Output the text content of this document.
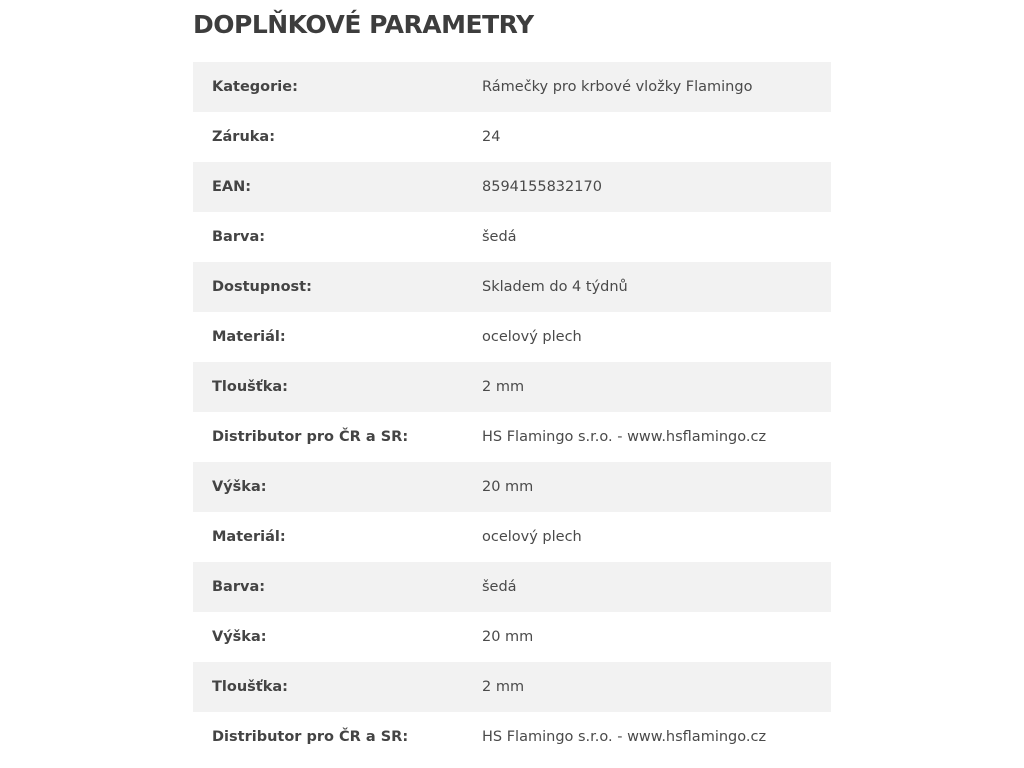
DOPLŇKOVÉ PARAMETRY
Kategorie:	Rámečky pro krbové vložky Flamingo
Záruka:	24
EAN:	8594155832170
Barva:	šedá
Dostupnost:	Skladem do 4 týdnů
Materiál:	ocelový plech
Tloušťka:	2 mm
Distributor pro ČR a SR:	HS Flamingo s.r.o. - www.hsflamingo.cz
Výška:	20 mm
Materiál:	ocelový plech
Barva:	šedá
Výška:	20 mm
Tloušťka:	2 mm
Distributor pro ČR a SR:	HS Flamingo s.r.o. - www.hsflamingo.cz
